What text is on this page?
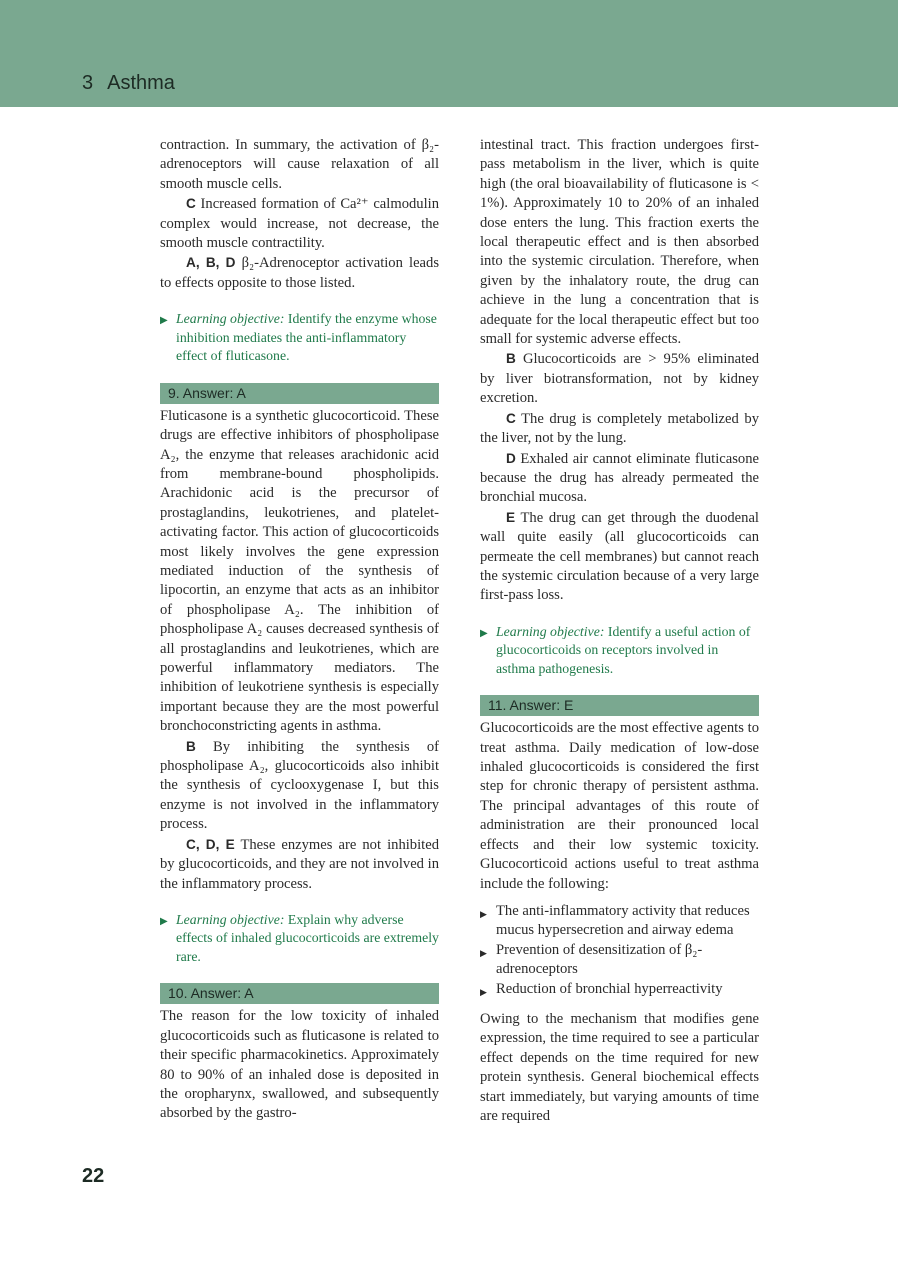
3 Asthma

contraction. In summary, the activation of β₂-adrenoceptors will cause relaxation of all smooth muscle cells.

C Increased formation of Ca²⁺ calmodulin complex would increase, not decrease, the smooth muscle contractility.

A, B, D β₂-Adrenoceptor activation leads to effects opposite to those listed.

▶ Learning objective: Identify the enzyme whose inhibition mediates the anti-inflammatory effect of fluticasone.
9. Answer: A

Fluticasone is a synthetic glucocorticoid. These drugs are effective inhibitors of phospholipase A₂, the enzyme that releases arachidonic acid from membrane-bound phospholipids. Arachidonic acid is the precursor of prostaglandins, leukotrienes, and platelet-activating factor. This action of glucocorticoids most likely involves the gene expression mediated induction of the synthesis of lipocortin, an enzyme that acts as an inhibitor of phospholipase A₂. The inhibition of phospholipase A₂ causes decreased synthesis of all prostaglandins and leukotrienes, which are powerful inflammatory mediators. The inhibition of leukotriene synthesis is especially important because they are the most powerful bronchoconstricting agents in asthma.

B By inhibiting the synthesis of phospholipase A₂, glucocorticoids also inhibit the synthesis of cyclooxygenase I, but this enzyme is not involved in the inflammatory process.

C, D, E These enzymes are not inhibited by glucocorticoids, and they are not involved in the inflammatory process.

▶ Learning objective: Explain why adverse effects of inhaled glucocorticoids are extremely rare.
10. Answer: A

The reason for the low toxicity of inhaled glucocorticoids such as fluticasone is related to their specific pharmacokinetics. Approximately 80 to 90% of an inhaled dose is deposited in the oropharynx, swallowed, and subsequently absorbed by the gastro-

intestinal tract. This fraction undergoes first-pass metabolism in the liver, which is quite high (the oral bioavailability of fluticasone is < 1%). Approximately 10 to 20% of an inhaled dose enters the lung. This fraction exerts the local therapeutic effect and is then absorbed into the systemic circulation. Therefore, when given by the inhalatory route, the drug can achieve in the lung a concentration that is adequate for the local therapeutic effect but too small for systemic adverse effects.

B Glucocorticoids are > 95% eliminated by liver biotransformation, not by kidney excretion.

C The drug is completely metabolized by the liver, not by the lung.

D Exhaled air cannot eliminate fluticasone because the drug has already permeated the bronchial mucosa.

E The drug can get through the duodenal wall quite easily (all glucocorticoids can permeate the cell membranes) but cannot reach the systemic circulation because of a very large first-pass loss.

▶ Learning objective: Identify a useful action of glucocorticoids on receptors involved in asthma pathogenesis.
11. Answer: E

Glucocorticoids are the most effective agents to treat asthma. Daily medication of low-dose inhaled glucocorticoids is considered the first step for chronic therapy of persistent asthma. The principal advantages of this route of administration are their pronounced local effects and their low systemic toxicity. Glucocorticoid actions useful to treat asthma include the following:

▶ The anti-inflammatory activity that reduces mucus hypersecretion and airway edema
▶ Prevention of desensitization of β₂-adrenoceptors
▶ Reduction of bronchial hyperreactivity

Owing to the mechanism that modifies gene expression, the time required to see a particular effect depends on the time required for new protein synthesis. General biochemical effects start immediately, but varying amounts of time are required

22
